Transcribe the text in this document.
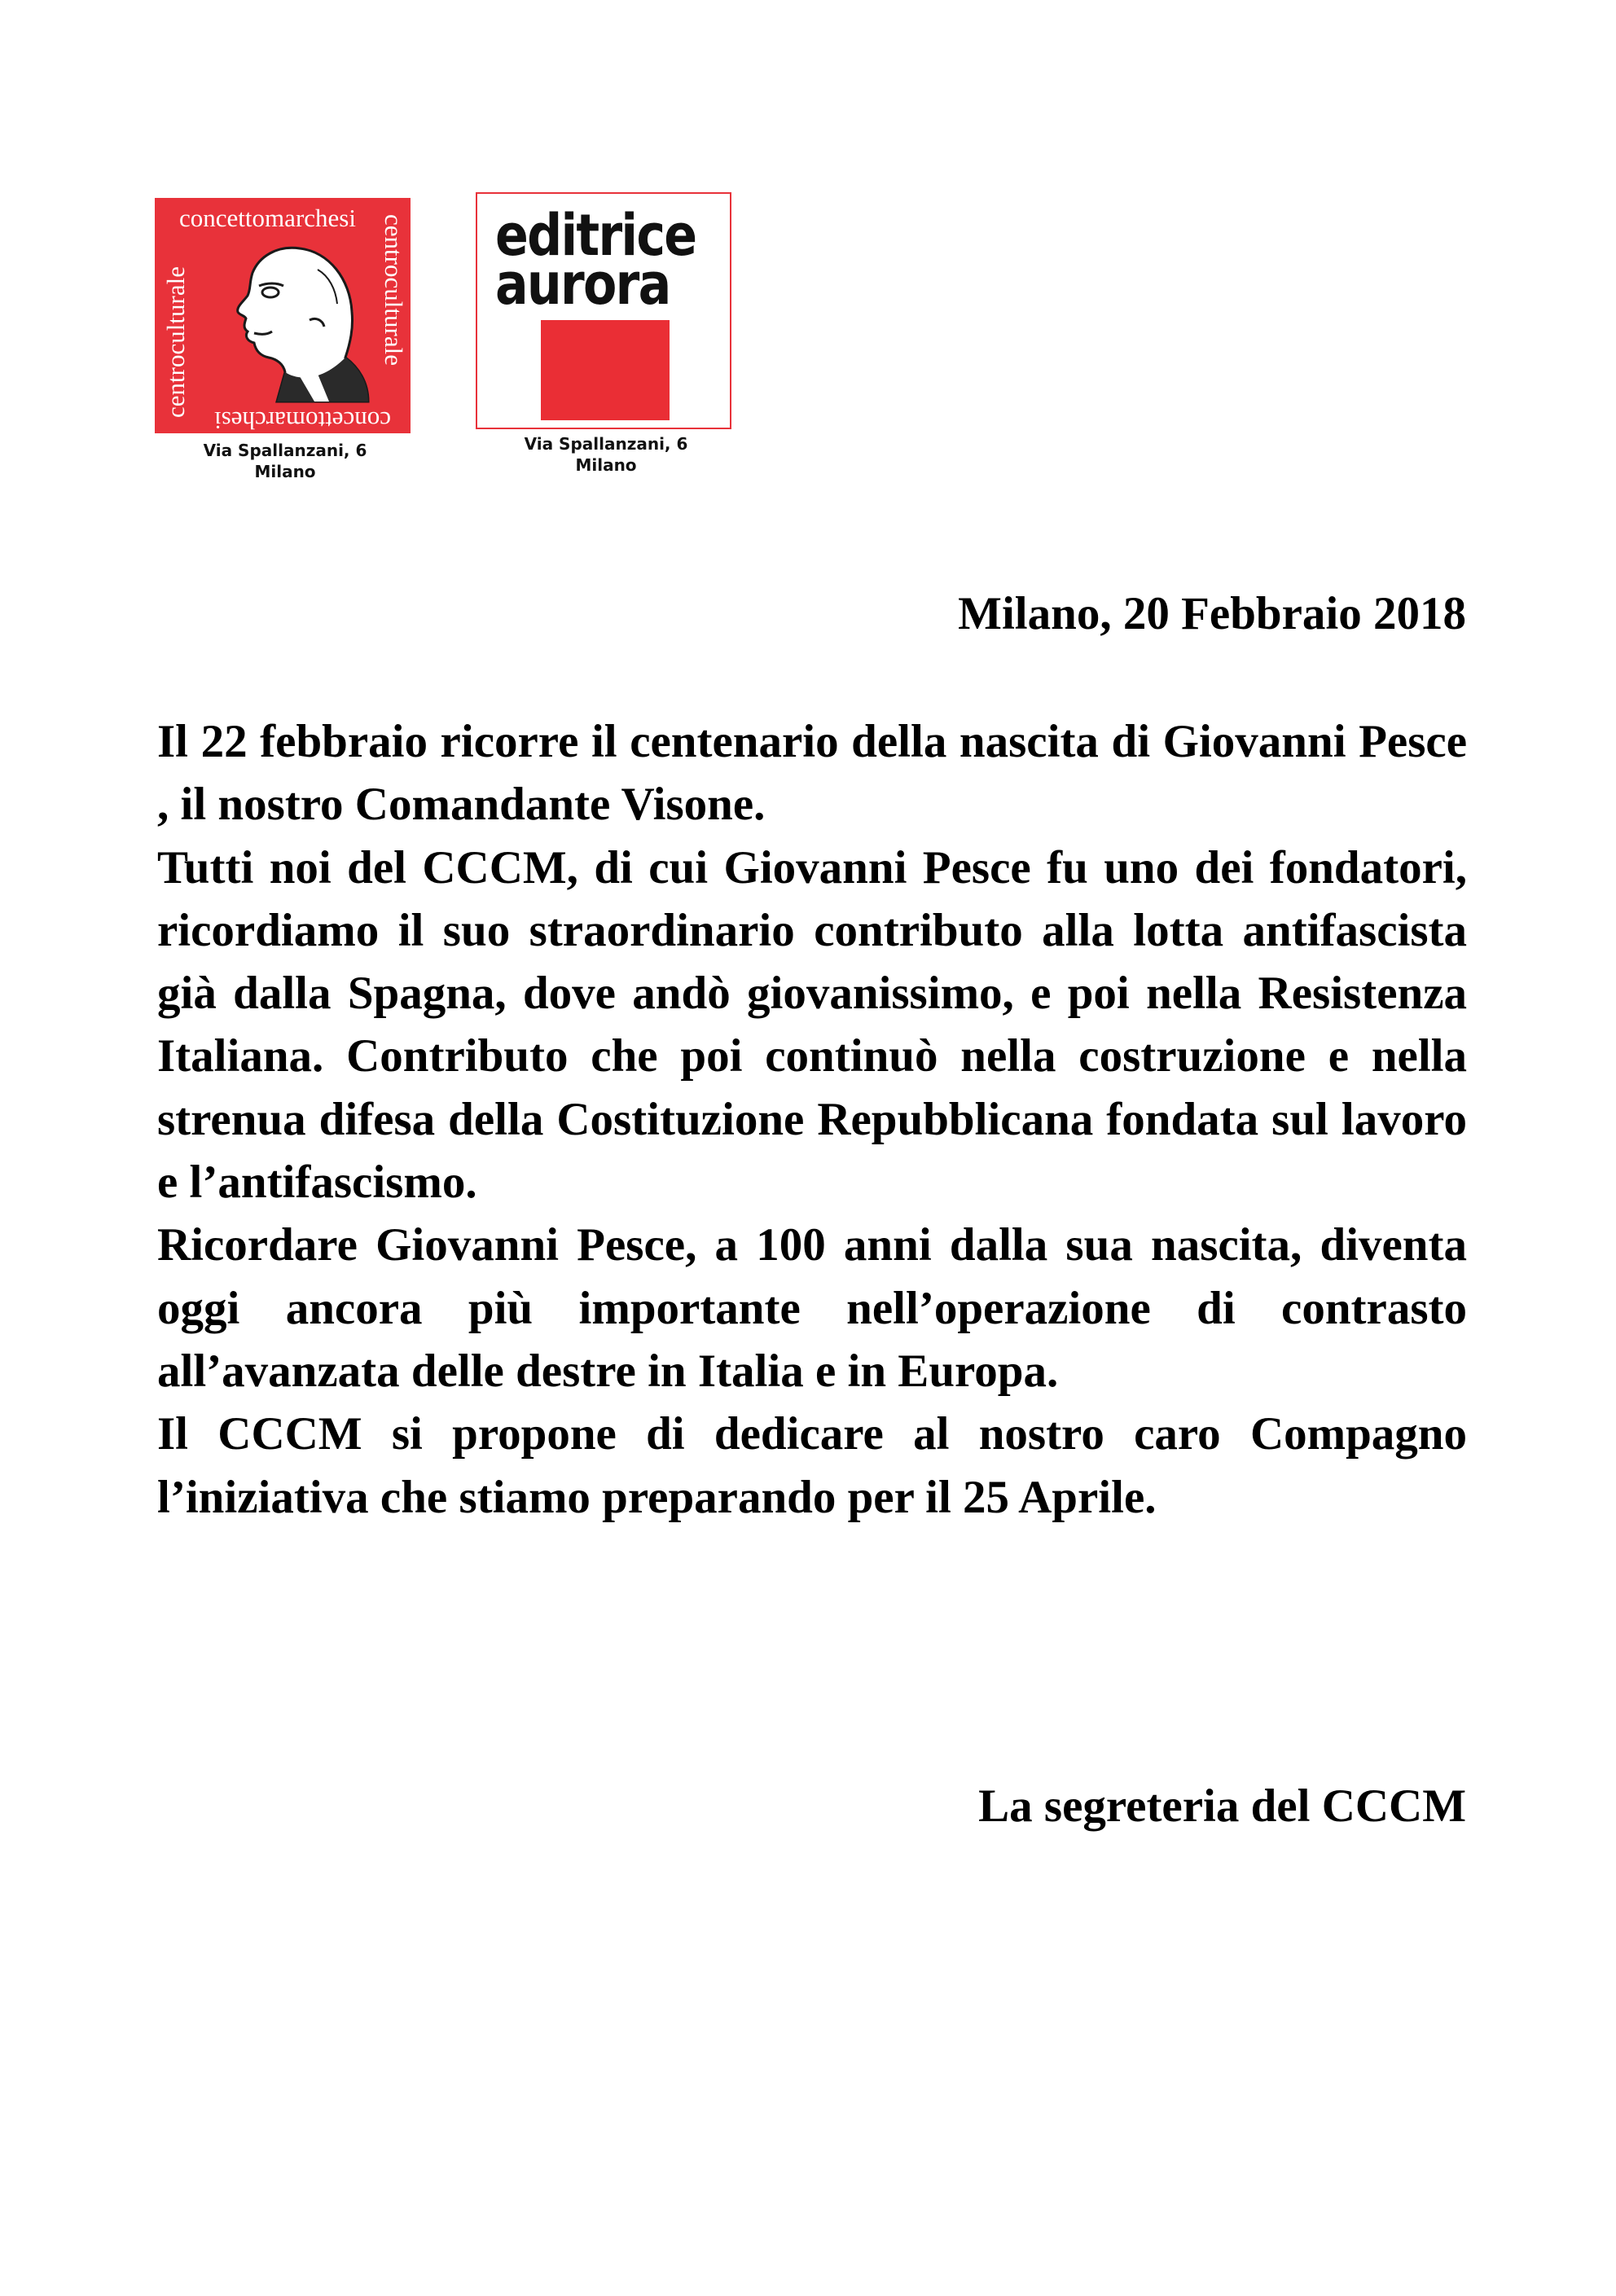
concettomarchesi
centroculturale
centroculturale
concettomarchesi
Via Spallanzani, 6
Milano
editrice
aurora
Via Spallanzani, 6
Milano
Milano, 20 Febbraio 2018

Il 22 febbraio ricorre il centenario della nascita di Giovanni Pesce , il nostro Comandante Visone.

Tutti noi del CCCM, di cui Giovanni Pesce fu uno dei fondatori, ricordiamo il suo straordinario contributo alla lotta antifascista già dalla Spagna, dove andò giovanissimo, e poi nella Resistenza Italiana. Contributo che poi continuò nella costruzione e nella strenua difesa della Costituzione Repubblicana fondata sul lavoro e l’antifascismo.

Ricordare Giovanni Pesce, a 100 anni dalla sua nascita, diventa oggi ancora più importante nell’operazione di contrasto all’avanzata delle destre in Italia e in Europa.

Il CCCM si propone di dedicare al nostro caro Compagno l’iniziativa che stiamo preparando per il 25 Aprile.

La segreteria del CCCM
